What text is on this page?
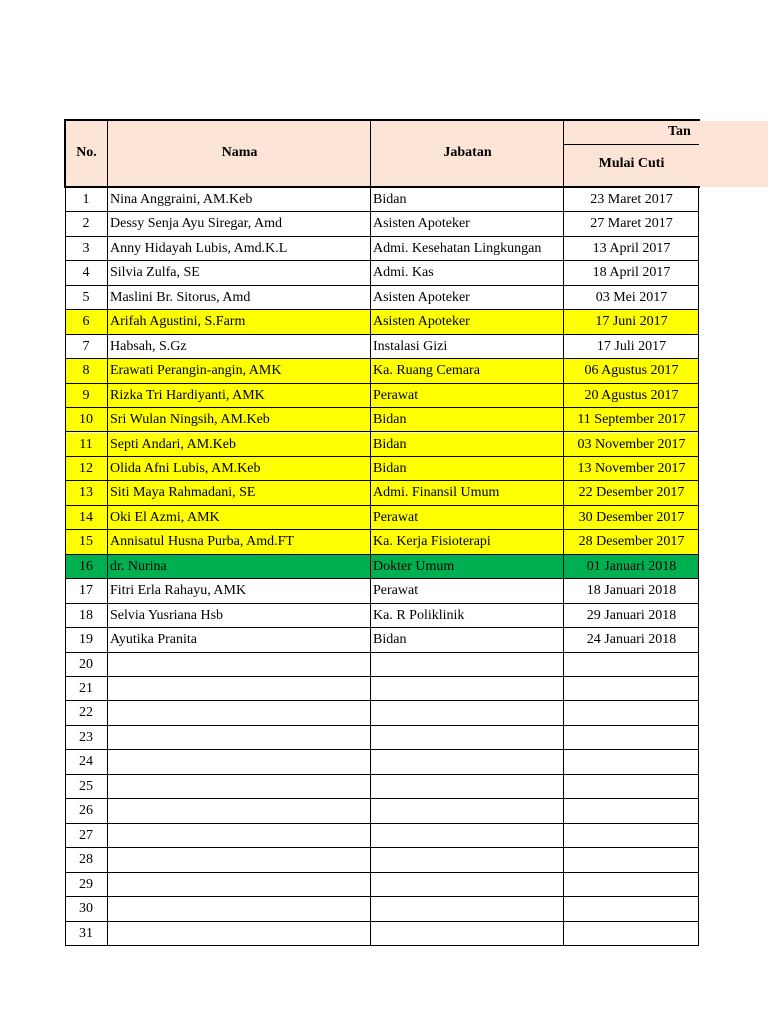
No.	Nama	Jabatan
Tan
Mulai Cuti
1	Nina Anggraini, AM.Keb	Bidan	23 Maret 2017
2	Dessy Senja Ayu Siregar, Amd	Asisten Apoteker	27 Maret 2017
3	Anny Hidayah Lubis, Amd.K.L	Admi. Kesehatan Lingkungan	13 April 2017
4	Silvia Zulfa, SE	Admi. Kas	18 April 2017
5	Maslini Br. Sitorus, Amd	Asisten Apoteker	03 Mei 2017
6	Arifah Agustini, S.Farm	Asisten Apoteker	17 Juni 2017
7	Habsah, S.Gz	Instalasi Gizi	17 Juli 2017
8	Erawati Perangin-angin, AMK	Ka. Ruang Cemara	06 Agustus 2017
9	Rizka Tri Hardiyanti, AMK	Perawat	20 Agustus 2017
10	Sri Wulan Ningsih, AM.Keb	Bidan	11 September 2017
11	Septi Andari, AM.Keb	Bidan	03 November 2017
12	Olida Afni Lubis, AM.Keb	Bidan	13 November 2017
13	Siti Maya Rahmadani, SE	Admi. Finansil Umum	22 Desember 2017
14	Oki El Azmi, AMK	Perawat	30 Desember 2017
15	Annisatul Husna Purba, Amd.FT	Ka. Kerja Fisioterapi	28 Desember 2017
16	dr. Nurina	Dokter Umum	01 Januari 2018
17	Fitri Erla Rahayu, AMK	Perawat	18 Januari 2018
18	Selvia Yusriana Hsb	Ka. R Poliklinik	29 Januari 2018
19	Ayutika Pranita	Bidan	24 Januari 2018
20
21
22
23
24
25
26
27
28
29
30
31
